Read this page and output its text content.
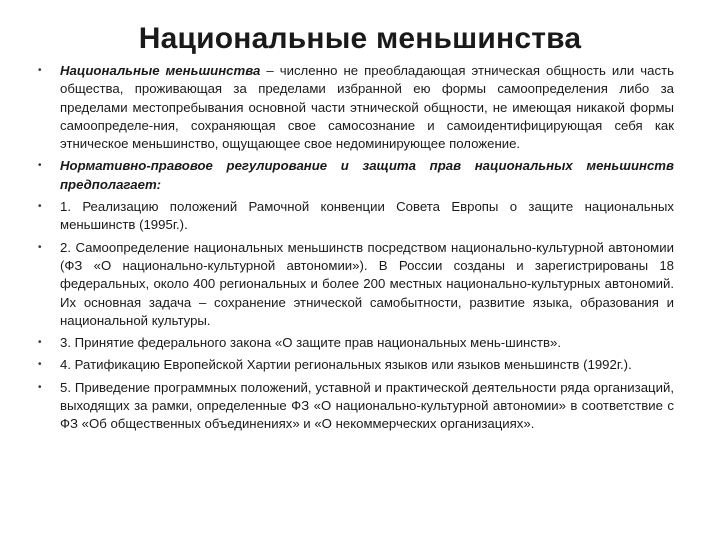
Национальные меньшинства
•	Национальные меньшинства – численно не преобладающая этническая общность или часть общества, проживающая за пределами избранной ею формы самоопределения либо за пределами местопребывания основной части этнической общности, не имеющая никакой формы самоопределе-ния, сохраняющая свое самосознание и самоидентифицирующая себя как этническое меньшинство, ощущающее свое недоминирующее положение.
•	Нормативно-правовое регулирование и защита прав национальных меньшинств предполагает:
•	1. Реализацию положений Рамочной конвенции Совета Европы о защите национальных меньшинств (1995г.).
•	2. Самоопределение национальных меньшинств посредством национально-культурной автономии (ФЗ «О национально-культурной автономии»). В России созданы и зарегистрированы 18 федеральных, около 400 региональных и более 200 местных национально-культурных автономий. Их основная задача – сохранение этнической самобытности, развитие языка, образования и национальной культуры.
•	3. Принятие федерального закона «О защите прав национальных мень-шинств».
•	4. Ратификацию Европейской Хартии региональных языков или языков меньшинств (1992г.).
•	5. Приведение программных положений, уставной и практической деятельности ряда организаций, выходящих за рамки, определенные ФЗ «О национально-культурной автономии» в соответствие с ФЗ «Об общественных объединениях» и «О некоммерческих организациях».
